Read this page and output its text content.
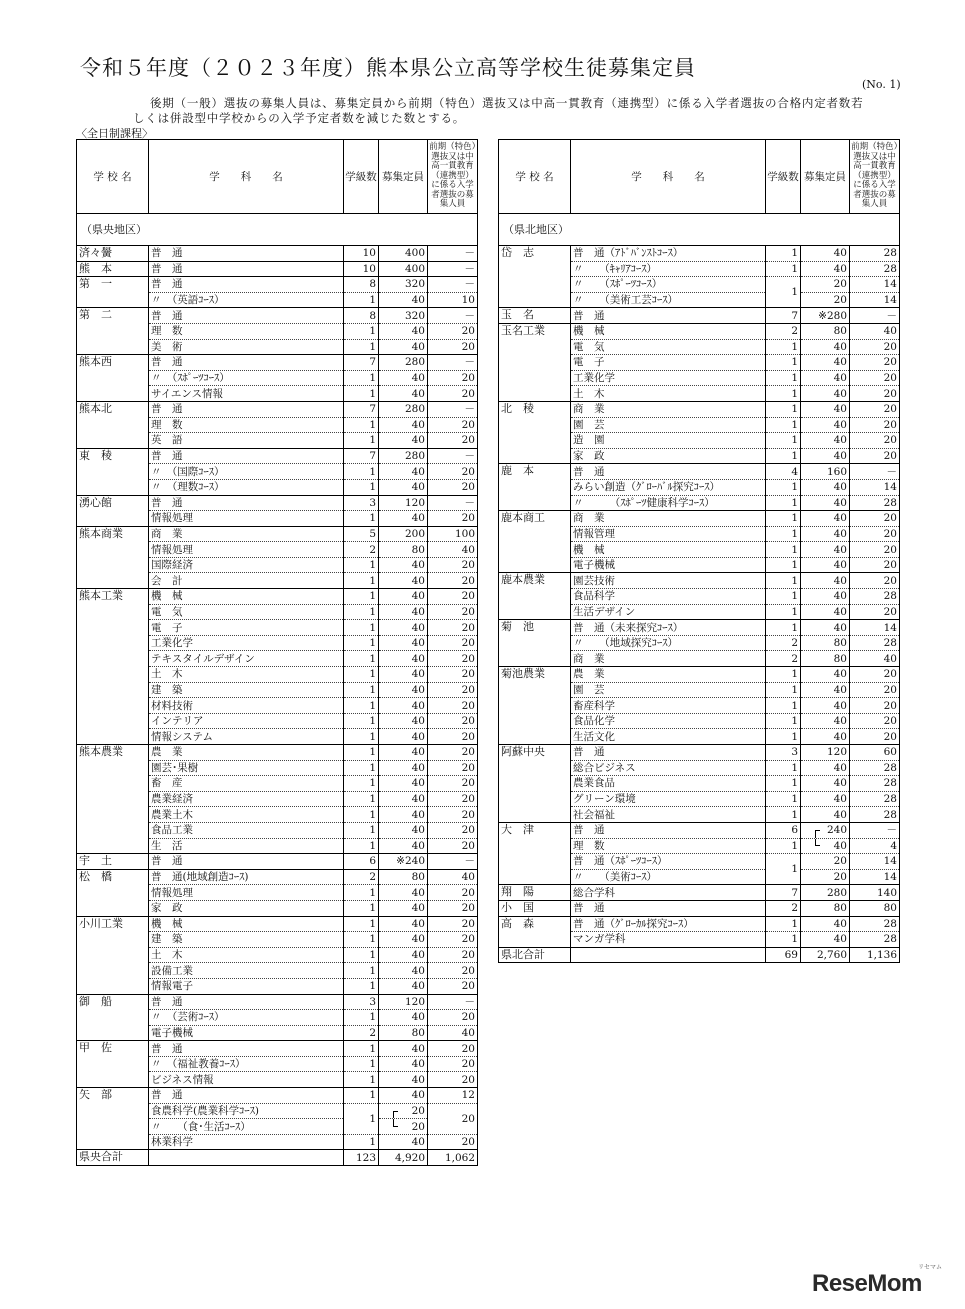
令和５年度（２０２３年度）熊本県公立高等学校生徒募集定員
(No. 1)
後期（一般）選抜の募集人員は、募集定員から前期（特色）選抜又は中高一貫教育（連携型）に係る入学者選抜の合格内定者数若
しくは併設型中学校からの入学予定者数を減じた数とする。
〈全日制課程〉
学 校 名	学　　科　　名	学級数	募集定員	前期（特色）選抜又は中高一貫教育（連携型）に係る入学者選抜の募集人員
（県央地区）				
済々黌	普　通	10	400	－
熊　本	普　通	10	400	－
第　一	普　通	8	320	－
	〃　（英語ｺｰｽ）	1	40	10
第　二	普　通	8	320	－
	理　数	1	40	20
	美　術	1	40	20
熊本西	普　通	7	280	－
	〃　（ｽﾎﾟｰﾂｺｰｽ）	1	40	20
	サイエンス情報	1	40	20
熊本北	普　通	7	280	－
	理　数	1	40	20
	英　語	1	40	20
東　稜	普　通	7	280	－
	〃　（国際ｺｰｽ）	1	40	20
	〃　（理数ｺｰｽ）	1	40	20
湧心館	普　通	3	120	－
	情報処理	1	40	20
熊本商業	商　業	5	200	100
	情報処理	2	80	40
	国際経済	1	40	20
	会　計	1	40	20
熊本工業	機　械	1	40	20
	電　気	1	40	20
	電　子	1	40	20
	工業化学	1	40	20
	テキスタイルデザイン	1	40	20
	土　木	1	40	20
	建　築	1	40	20
	材料技術	1	40	20
	インテリア	1	40	20
	情報システム	1	40	20
熊本農業	農　業	1	40	20
	園芸･果樹	1	40	20
	畜　産	1	40	20
	農業経済	1	40	20
	農業土木	1	40	20
	食品工業	1	40	20
	生　活	1	40	20
宇　土	普　通	6	※240	－
松　橋	普　通(地域創造ｺｰｽ)	2	80	40
	情報処理	1	40	20
	家　政	1	40	20
小川工業	機　械	1	40	20
	建　築	1	40	20
	土　木	1	40	20
	設備工業	1	40	20
	情報電子	1	40	20
御　船	普　通	3	120	－
	〃　（芸術ｺｰｽ）	1	40	20
	電子機械	2	80	40
甲　佐	普　通	1	40	20
	〃　（福祉教養ｺｰｽ）	1	40	20
	ビジネス情報	1	40	20
矢　部	普　通	1	40	12
	食農科学(農業科学ｺｰｽ)	1	20	20
	〃　　（食･生活ｺｰｽ）		20	

	林業科学	1	40	20
県央合計		123	4,920	1,062
学 校 名	学　　科　　名	学級数	募集定員	前期（特色）選抜又は中高一貫教育（連携型）に係る入学者選抜の募集人員
（県北地区）				
岱　志	普　通（ｱﾄﾞﾊﾞﾝｽﾄｺｰｽ）	1	40	28
	〃　　（ｷｬﾘｱｺｰｽ）	1	40	28
	〃　　（ｽﾎﾟｰﾂｺｰｽ）	1	20	14
	〃　　（美術工芸ｺｰｽ）		20	14
玉　名	普　通	7	※280	－
玉名工業	機　械	2	80	40
	電　気	1	40	20
	電　子	1	40	20
	工業化学	1	40	20
	土　木	1	40	20
北　稜	商　業	1	40	20
	園　芸	1	40	20
	造　園	1	40	20
	家　政	1	40	20
鹿　本	普　通	4	160	－
	みらい創造（ｸﾞﾛｰﾊﾞﾙ探究ｺｰｽ）	1	40	14
	〃　　　（ｽﾎﾟｰﾂ健康科学ｺｰｽ）	1	40	28
鹿本商工	商　業	1	40	20
	情報管理	1	40	20
	機　械	1	40	20
	電子機械	1	40	20
鹿本農業	園芸技術	1	40	20
	食品科学	1	40	28
	生活デザイン	1	40	20
菊　池	普　通（未来探究ｺｰｽ）	1	40	14
	〃　　（地域探究ｺｰｽ）	2	80	28
	商　業	2	80	40
菊池農業	農　業	1	40	20
	園　芸	1	40	20
	畜産科学	1	40	20
	食品化学	1	40	20
	生活文化	1	40	20
阿蘇中央	普　通	3	120	60
	総合ビジネス	1	40	28
	農業食品	1	40	28
	グリーン環境	1	40	28
	社会福祉	1	40	28
大　津	普　通	6	240	－
	理　数	1	40	4
	普　通（ｽﾎﾟｰﾂｺｰｽ）	1	20	14
	〃　　（美術ｺｰｽ）		20	14
翔　陽	総合学科	7	280	140
小　国	普　通	2	80	80
高　森	普　通（ｸﾞﾛｰｶﾙ探究ｺｰｽ）	1	40	28
	マンガ学科	1	40	28
県北合計		69	2,760	1,136
リセマム
ReseMom
